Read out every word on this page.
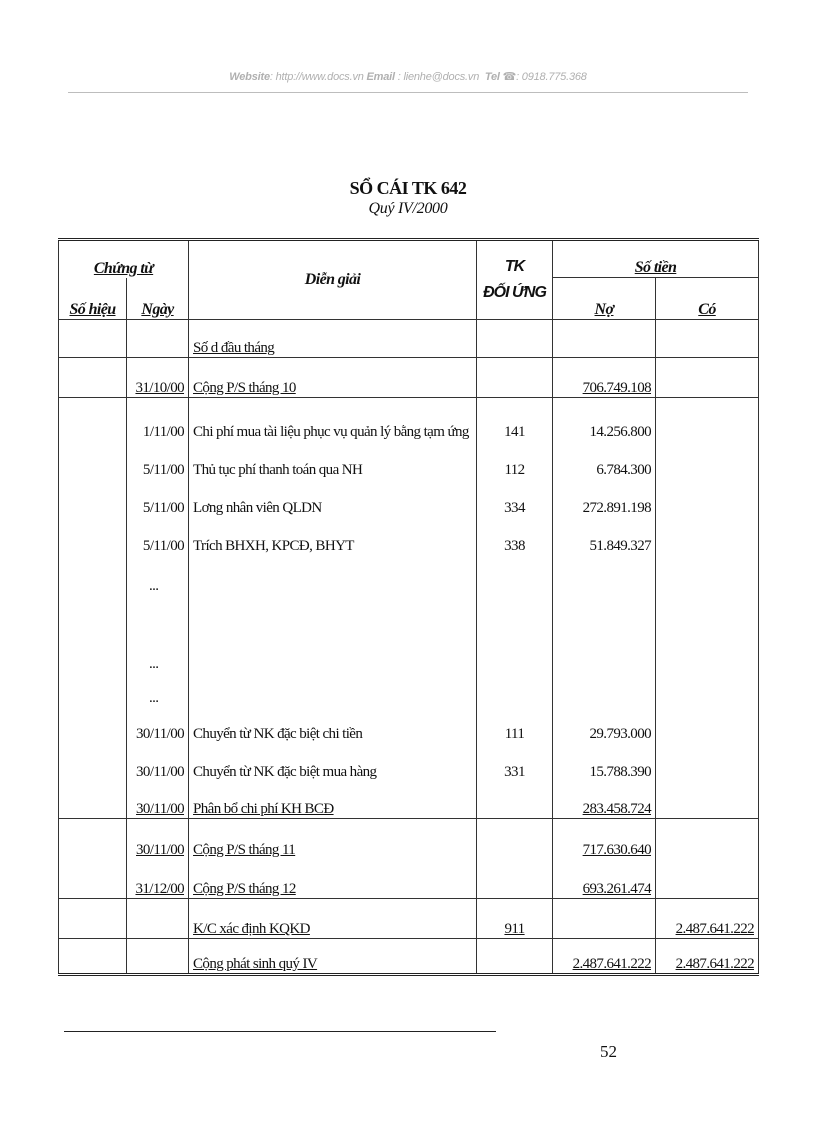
Website: http://www.docs.vn Email : lienhe@docs.vn Tel ☎: 0918.775.368
SỔ CÁI TK 642
Quý IV/2000
Chứng từ		Diễn giải	TK
ĐỐI ỨNG	Số tiền	
Số hiệu	Ngày			Nợ	Có
		Số d đầu tháng			
	31/10/00	Cộng P/S tháng 10		706.749.108	
	1/11/00	Chi phí mua tài liệu phục vụ quản lý bằng tạm ứng	141	14.256.800	
	5/11/00	Thủ tục phí thanh toán qua NH	112	6.784.300	
	5/11/00	Lơng nhân viên QLDN	334	272.891.198	
	5/11/00	Trích BHXH, KPCĐ, BHYT	338	51.849.327	
	...				

	...				
	...				
	30/11/00	Chuyển từ NK đặc biệt chi tiền	111	29.793.000	
	30/11/00	Chuyển từ NK đặc biệt mua hàng	331	15.788.390	
	30/11/00	Phân bổ chi phí KH BCĐ		283.458.724	
	30/11/00	Cộng P/S tháng 11		717.630.640	
	31/12/00	Cộng P/S tháng 12		693.261.474	
		K/C xác định KQKD	911		2.487.641.222
		Cộng phát sinh quý IV		2.487.641.222	2.487.641.222
52
